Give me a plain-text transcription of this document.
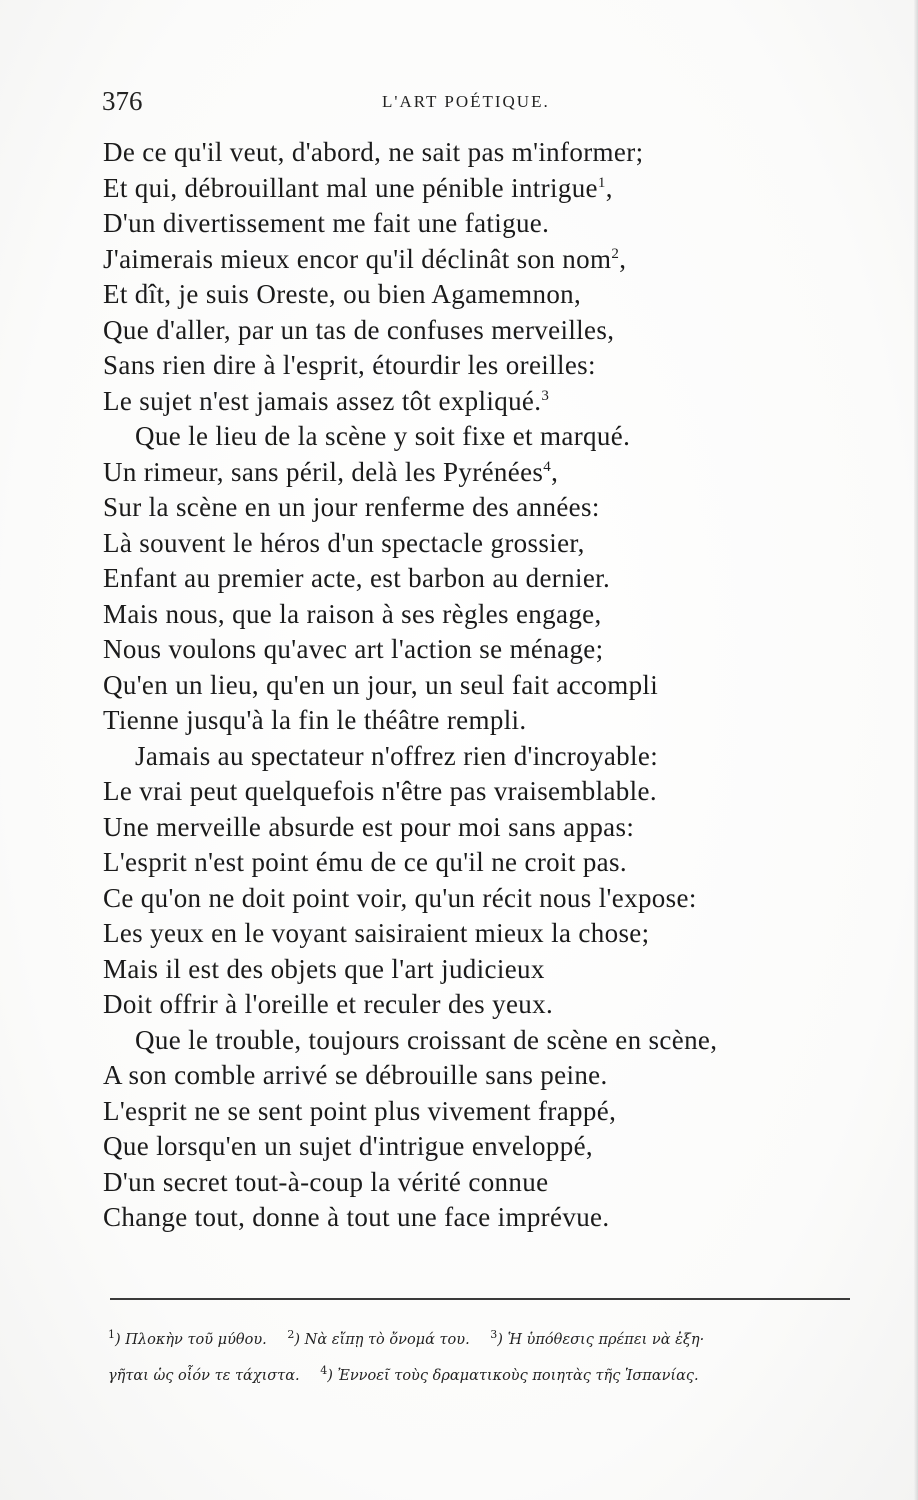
376	L'ART POÉTIQUE.
De ce qu'il veut, d'abord, ne sait pas m'informer;
Et qui, débrouillant mal une pénible intrigue$^1$,
D'un divertissement me fait une fatigue.
J'aimerais mieux encor qu'il déclinât son nom$^2$,
Et dît, je suis Oreste, ou bien Agamemnon,
Que d'aller, par un tas de confuses merveilles,
Sans rien dire à l'esprit, étourdir les oreilles:
Le sujet n'est jamais assez tôt expliqué.$^3$
Que le lieu de la scène y soit fixe et marqué.
Un rimeur, sans péril, delà les Pyrénées$^4$,
Sur la scène en un jour renferme des années:
Là souvent le héros d'un spectacle grossier,
Enfant au premier acte, est barbon au dernier.
Mais nous, que la raison à ses règles engage,
Nous voulons qu'avec art l'action se ménage;
Qu'en un lieu, qu'en un jour, un seul fait accompli
Tienne jusqu'à la fin le théâtre rempli.
Jamais au spectateur n'offrez rien d'incroyable:
Le vrai peut quelquefois n'être pas vraisemblable.
Une merveille absurde est pour moi sans appas:
L'esprit n'est point ému de ce qu'il ne croit pas.
Ce qu'on ne doit point voir, qu'un récit nous l'expose:
Les yeux en le voyant saisiraient mieux la chose;
Mais il est des objets que l'art judicieux
Doit offrir à l'oreille et reculer des yeux.
Que le trouble, toujours croissant de scène en scène,
A son comble arrivé se débrouille sans peine.
L'esprit ne se sent point plus vivement frappé,
Que lorsqu'en un sujet d'intrigue enveloppé,
D'un secret tout-à-coup la vérité connue
Change tout, donne à tout une face imprévue.
$^1$) Πλοκὴν τοῦ μύθου. $^2$) Νὰ εἴπῃ τὸ ὄνομά του. $^3$) Ἡ ὑπόθεσις πρέπει νὰ ἐξη·
γῆται ὡς οἷόν τε τάχιστα. $^4$) Ἐννοεῖ τοὺς δραματικοὺς ποιητὰς τῆς Ἱσπανίας.
